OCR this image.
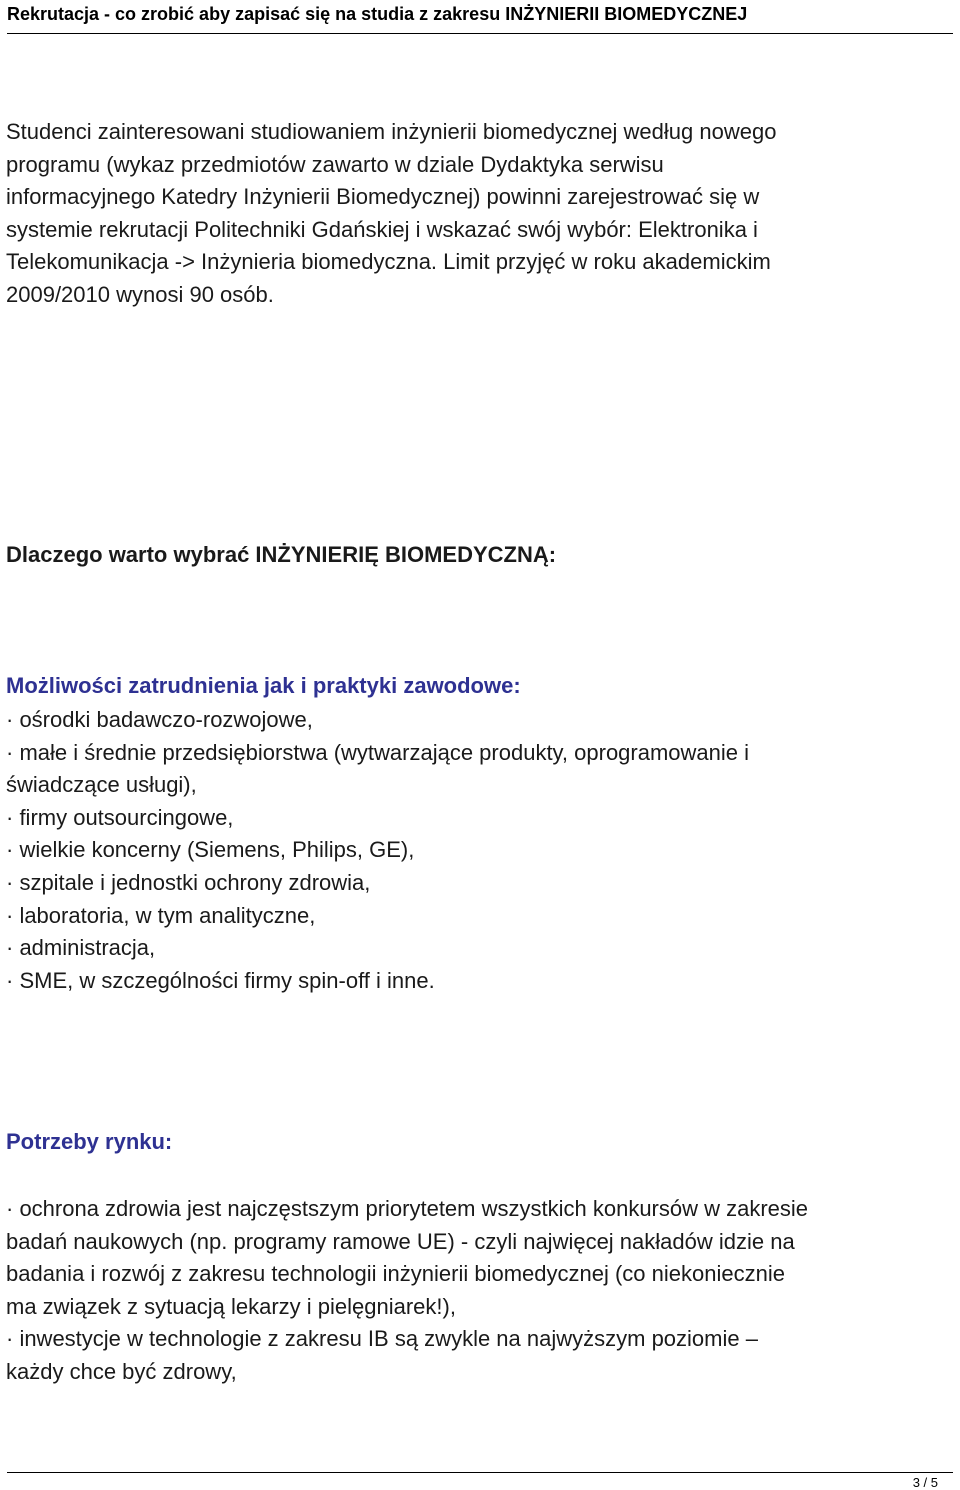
Rekrutacja - co zrobić aby zapisać się na studia z zakresu INŻYNIERII BIOMEDYCZNEJ
Studenci zainteresowani studiowaniem inżynierii biomedycznej według nowego
programu (wykaz przedmiotów zawarto w dziale Dydaktyka serwisu
informacyjnego Katedry Inżynierii Biomedycznej) powinni zarejestrować się w
systemie rekrutacji Politechniki Gdańskiej i wskazać swój wybór: Elektronika i
Telekomunikacja -> Inżynieria biomedyczna. Limit przyjęć w roku akademickim
2009/2010 wynosi 90 osób.
Dlaczego warto wybrać INŻYNIERIĘ BIOMEDYCZNĄ:
Możliwości zatrudnienia jak i praktyki zawodowe:
· ośrodki badawczo-rozwojowe,
· małe i średnie przedsiębiorstwa (wytwarzające produkty, oprogramowanie i
świadczące usługi),
· firmy outsourcingowe,
· wielkie koncerny (Siemens, Philips, GE),
· szpitale i jednostki ochrony zdrowia,
· laboratoria, w tym analityczne,
· administracja,
· SME, w szczególności firmy spin-off i inne.
Potrzeby rynku:
· ochrona zdrowia jest najczęstszym priorytetem wszystkich konkursów w zakresie
badań naukowych (np. programy ramowe UE) - czyli najwięcej nakładów idzie na
badania i rozwój z zakresu technologii inżynierii biomedycznej (co niekoniecznie
ma związek z sytuacją lekarzy i pielęgniarek!),
· inwestycje w technologie z zakresu IB są zwykle na najwyższym poziomie –
każdy chce być zdrowy,
3 / 5
